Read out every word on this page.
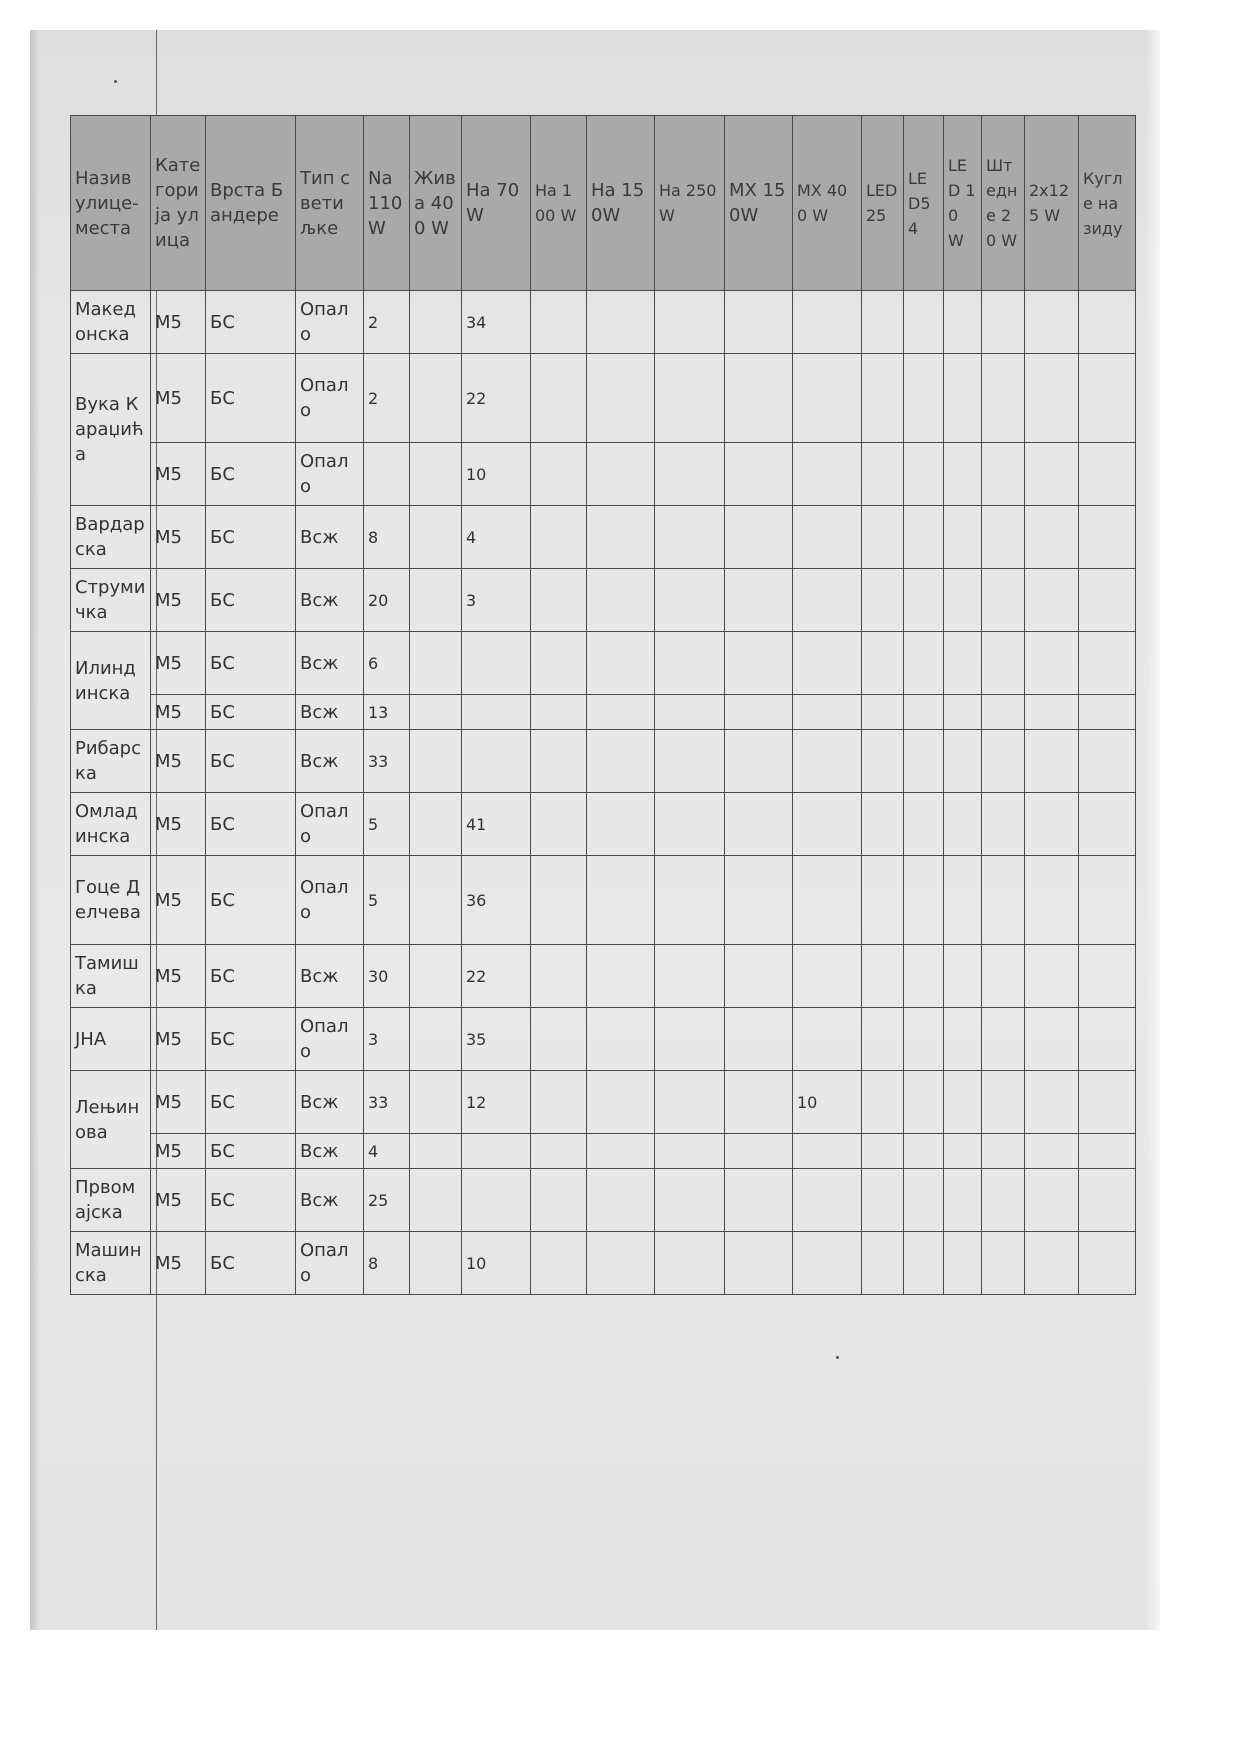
Назив улице-места	Категорија улица	Врста Бандере	Тип светиљке	Na 110 W	Жива 400 W	На 70W	На 100 W	На 150W	На 250 W	МХ 150W	МХ 400 W	LED25	LED54	LED 10 W	Штедне 20 W	2x125 W	Кугле на зиду
Македонска	M5	БС	Опало	2		34											
Вука Караџића	M5	БС	Опало	2		22											
	M5	БС	Опало			10											
Вардарска	M5	БС	Всж	8		4											
Струмичка	M5	БС	Всж	20		3											
Илиндинска	M5	БС	Всж	6													
	M5	БС	Всж	13													
Рибарска	M5	БС	Всж	33													
Омладинска	M5	БС	Опало	5		41											
Гоце Делчева	M5	БС	Опало	5		36											
Тамишка	M5	БС	Всж	30		22											
ЈНА	M5	БС	Опало	3		35											
Лењинова	M5	БС	Всж	33		12					10						
	M5	БС	Всж	4													
Првомајска	M5	БС	Всж	25													
Машинска	M5	БС	Опало	8		10											
